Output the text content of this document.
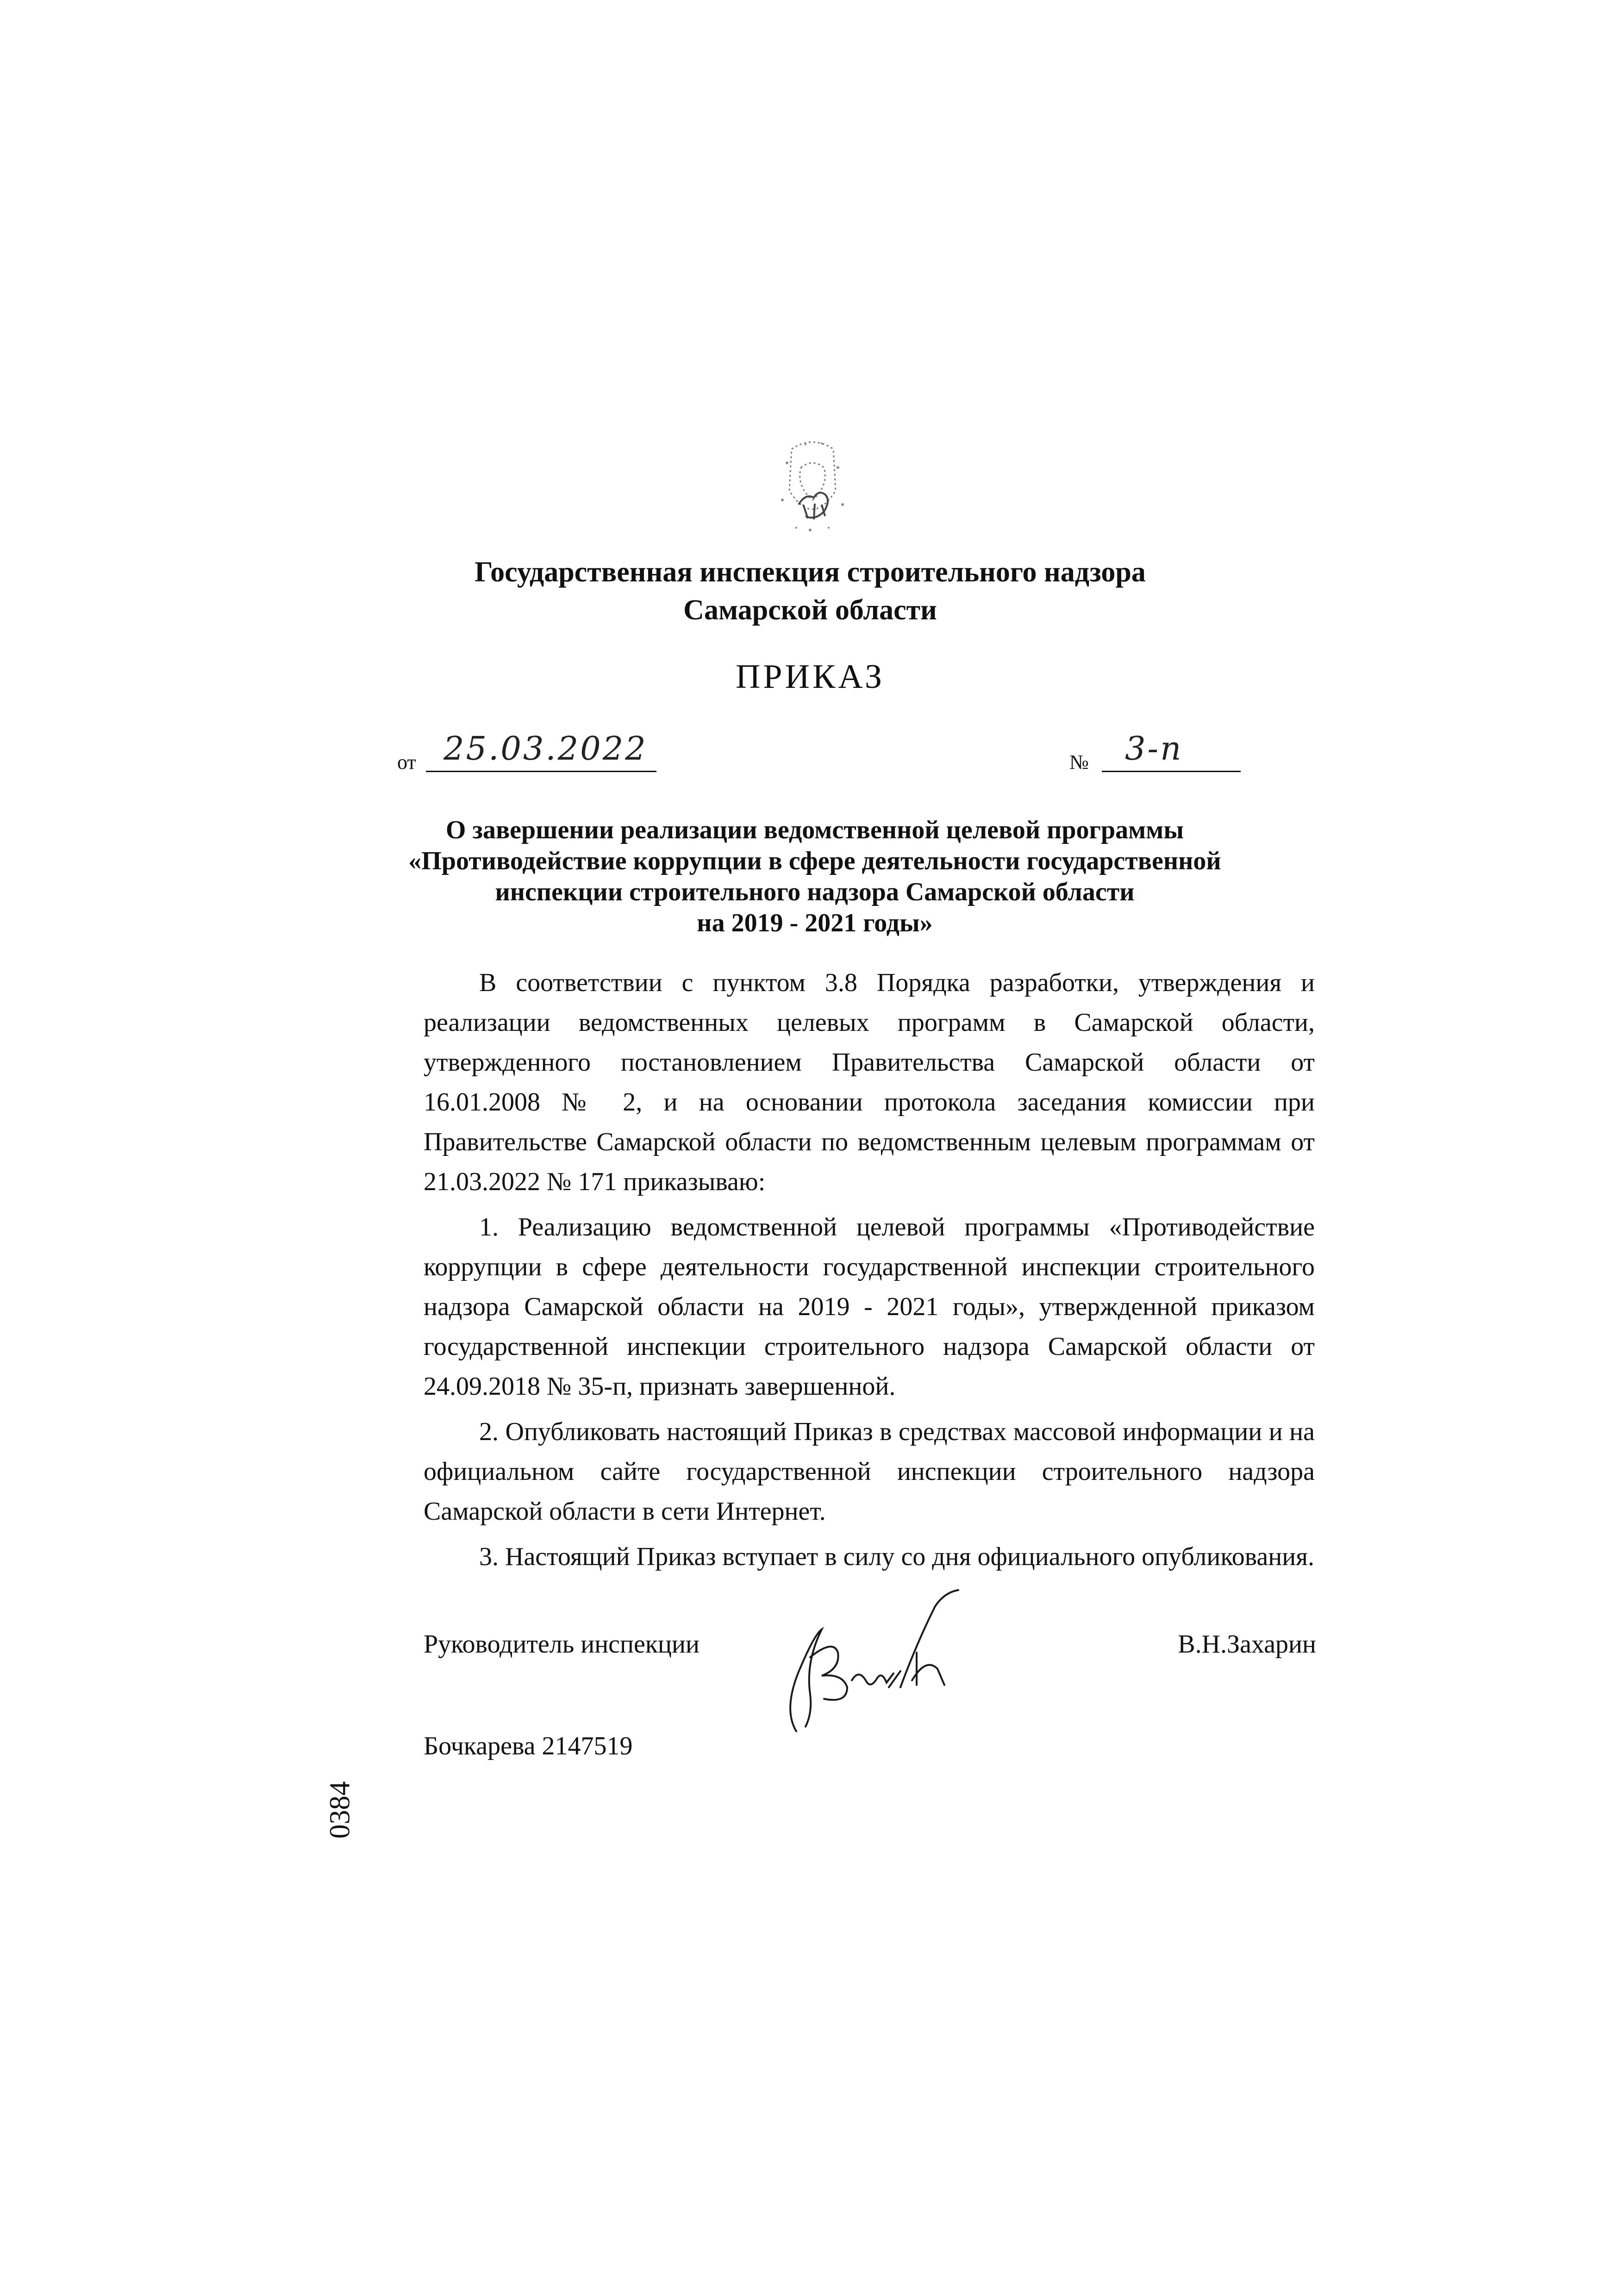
Государственная инспекция строительного надзора
Самарской области
ПРИКАЗ
от 25.03.2022	№ 3-п
О завершении реализации ведомственной целевой программы
«Противодействие коррупции в сфере деятельности государственной
инспекции строительного надзора Самарской области
на 2019 - 2021 годы»

В соответствии с пунктом 3.8 Порядка разработки, утверждения и реализации ведомственных целевых программ в Самарской области, утвержденного постановлением Правительства Самарской области от 16.01.2008 № 2, и на основании протокола заседания комиссии при Правительстве Самарской области по ведомственным целевым программам от 21.03.2022 № 171 приказываю:

1. Реализацию ведомственной целевой программы «Противодействие коррупции в сфере деятельности государственной инспекции строительного надзора Самарской области на 2019 - 2021 годы», утвержденной приказом государственной инспекции строительного надзора Самарской области от 24.09.2018 № 35-п, признать завершенной.

2. Опубликовать настоящий Приказ в средствах массовой информации и на официальном сайте государственной инспекции строительного надзора Самарской области в сети Интернет.

3. Настоящий Приказ вступает в силу со дня официального опубликования.

Руководитель инспекции	В.Н.Захарин
0384
Бочкарева 2147519
